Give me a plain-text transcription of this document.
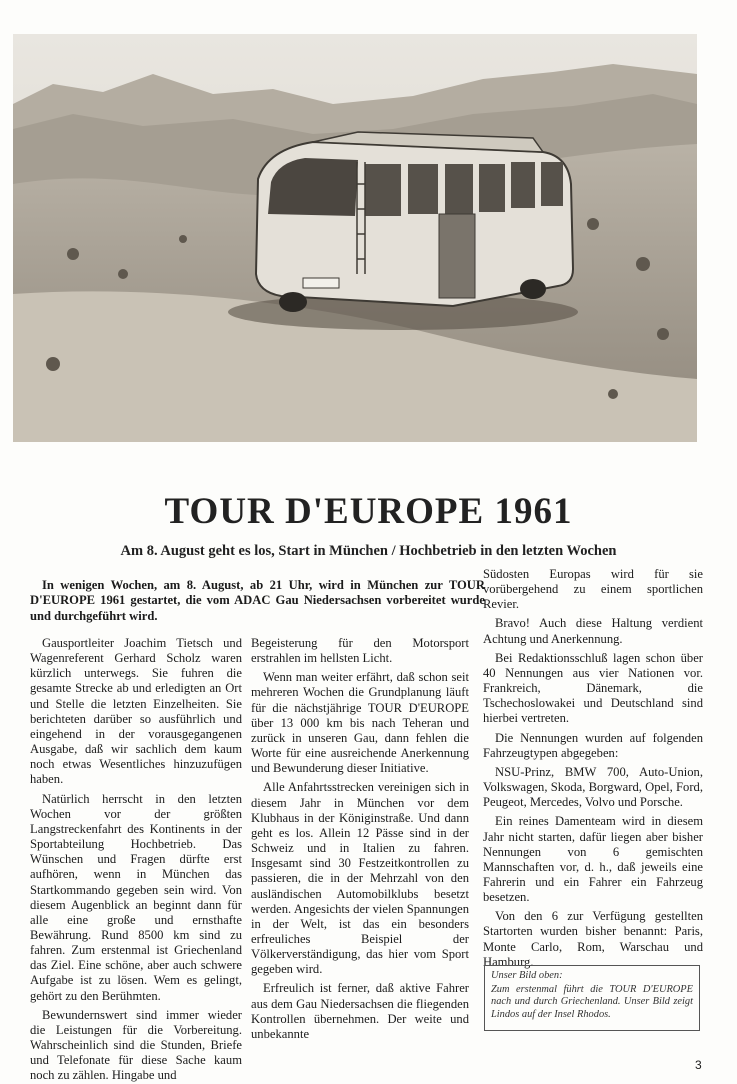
TOUR D'EUROPE 1961
Am 8. August geht es los, Start in München / Hochbetrieb in den letzten Wochen

In wenigen Wochen, am 8. August, ab 21 Uhr, wird in München zur TOUR D'EUROPE 1961 gestartet, die vom ADAC Gau Niedersachsen vorbereitet wurde und durchgeführt wird.

Gausportleiter Joachim Tietsch und Wagenreferent Gerhard Scholz waren kürzlich unterwegs. Sie fuhren die gesamte Strecke ab und erledigten an Ort und Stelle die letzten Einzelheiten. Sie berichteten darüber so ausführlich und eingehend in der vorausgegangenen Ausgabe, daß wir sachlich dem kaum noch etwas Wesentliches hinzuzufügen haben.

Natürlich herrscht in den letzten Wochen vor der größten Langstreckenfahrt des Kontinents in der Sportabteilung Hochbetrieb. Das Wünschen und Fragen dürfte erst aufhören, wenn in München das Startkommando gegeben sein wird. Von diesem Augenblick an beginnt dann für alle eine große und ernsthafte Bewährung. Rund 8500 km sind zu fahren. Zum erstenmal ist Griechenland das Ziel. Eine schöne, aber auch schwere Aufgabe ist zu lösen. Wem es gelingt, gehört zu den Berühmten.

Bewundernswert sind immer wieder die Leistungen für die Vorbereitung. Wahrscheinlich sind die Stunden, Briefe und Telefonate für diese Sache kaum noch zu zählen. Hingabe und

Begeisterung für den Motorsport erstrahlen im hellsten Licht.

Wenn man weiter erfährt, daß schon seit mehreren Wochen die Grundplanung läuft für die nächstjährige TOUR D'EUROPE über 13 000 km bis nach Teheran und zurück in unseren Gau, dann fehlen die Worte für eine ausreichende Anerkennung und Bewunderung dieser Initiative.

Alle Anfahrtsstrecken vereinigen sich in diesem Jahr in München vor dem Klubhaus in der Königinstraße. Und dann geht es los. Allein 12 Pässe sind in der Schweiz und in Italien zu fahren. Insgesamt sind 30 Festzeitkontrollen zu passieren, die in der Mehrzahl von den ausländischen Automobilklubs besetzt werden. Angesichts der vielen Spannungen in der Welt, ist das ein besonders erfreuliches Beispiel der Völkerverständigung, das hier vom Sport gegeben wird.

Erfreulich ist ferner, daß aktive Fahrer aus dem Gau Niedersachsen die fliegenden Kontrollen übernehmen. Der weite und unbekannte

Südosten Europas wird für sie vorübergehend zu einem sportlichen Revier.

Bravo! Auch diese Haltung verdient Achtung und Anerkennung.

Bei Redaktionsschluß lagen schon über 40 Nennungen aus vier Nationen vor. Frankreich, Dänemark, die Tschechoslowakei und Deutschland sind hierbei vertreten.

Die Nennungen wurden auf folgenden Fahrzeugtypen abgegeben:

NSU-Prinz, BMW 700, Auto-Union, Volkswagen, Skoda, Borgward, Opel, Ford, Peugeot, Mercedes, Volvo und Porsche.

Ein reines Damenteam wird in diesem Jahr nicht starten, dafür liegen aber bisher Nennungen von 6 gemischten Mannschaften vor, d. h., daß jeweils eine Fahrerin und ein Fahrer ein Fahrzeug besetzen.

Von den 6 zur Verfügung gestellten Startorten wurden bisher benannt: Paris, Monte Carlo, Rom, Warschau und Hamburg.

Unser Bild oben:
Zum erstenmal führt die TOUR D'EUROPE nach und durch Griechenland. Unser Bild zeigt Lindos auf der Insel Rhodos.
3
